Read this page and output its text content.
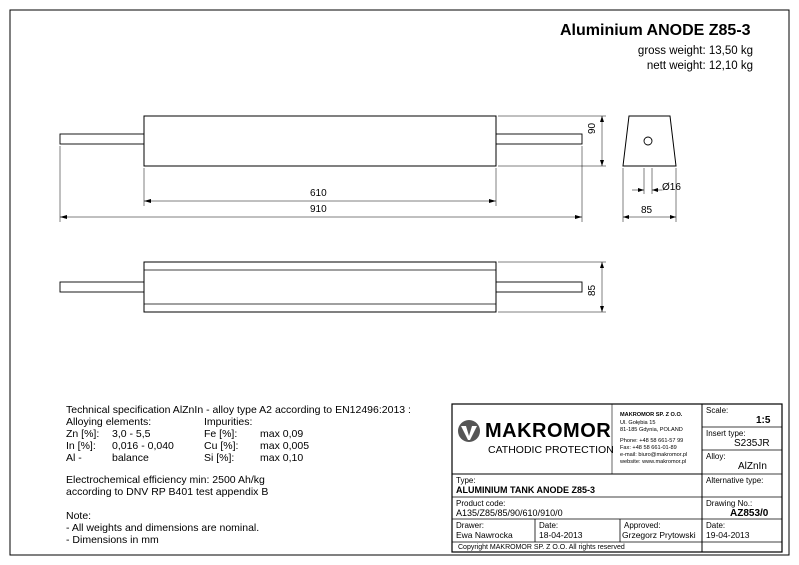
Aluminium ANODE Z85-3
gross weight: 13,50 kg
nett weight: 12,10 kg
610
910
90
85
85
Ø16
Technical specification AlZnIn - alloy type A2 according to EN12496:2013 :
Alloying elements:	Impurities:
Zn [%]: 3,0 - 5,5
In [%]: 0,016 - 0,040
Al -	balance
Fe [%]: max 0,09
Cu [%]: max 0,005
Si [%]: max 0,10
Electrochemical efficiency min: 2500 Ah/kg
according to DNV RP B401 test appendix B
Note:
- All weights and dimensions are nominal.
- Dimensions in mm
MAKROMOR
CATHODIC PROTECTION
MAKROMOR SP. Z O.O.
Ul. Gołębia 15
81-185 Gdynia, POLAND
Phone: +48 58 661-57 99
Fax: +48 58 661-01-89
e-mail: biuro@makromor.pl
website: www.makromor.pl
Scale:
1:5
Insert type:
S235JR
Alloy:
AlZnIn
Alternative type:
Drawing No.:
AZ853/0
Type:
ALUMINIUM TANK ANODE Z85-3
Product code:
A135/Z85/85/90/610/910/0
Drawer:
Ewa Nawrocka
Date:
18-04-2013
Approved:
Grzegorz Prytowski
Date:
19-04-2013
Copyright MAKROMOR SP. Z O.O. All rights reserved
